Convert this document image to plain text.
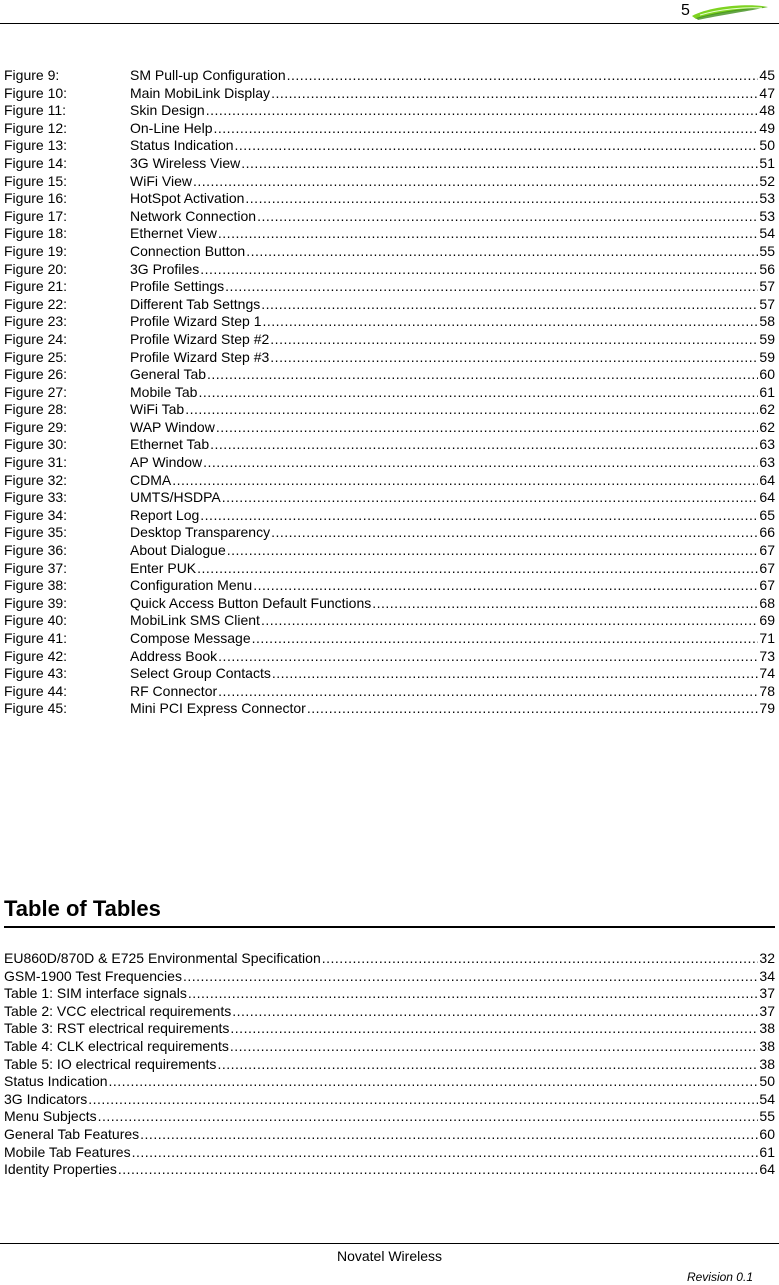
5
Figure 9:	SM Pull-up Configuration .....	45
Figure 10:	Main MobiLink Display .....	47
Figure 11:	Skin Design .....	48
Figure 12:	On-Line Help .....	49
Figure 13:	Status Indication .....	50
Figure 14:	3G Wireless View .....	51
Figure 15:	WiFi View .....	52
Figure 16:	HotSpot Activation .....	53
Figure 17:	Network Connection .....	53
Figure 18:	Ethernet View .....	54
Figure 19:	Connection Button .....	55
Figure 20:	3G Profiles .....	56
Figure 21:	Profile Settings .....	57
Figure 22:	Different Tab Settngs .....	57
Figure 23:	Profile Wizard Step 1 .....	58
Figure 24:	Profile Wizard Step #2 .....	59
Figure 25:	Profile Wizard Step #3 .....	59
Figure 26:	General Tab .....	60
Figure 27:	Mobile Tab .....	61
Figure 28:	WiFi Tab .....	62
Figure 29:	WAP Window .....	62
Figure 30:	Ethernet Tab .....	63
Figure 31:	AP Window .....	63
Figure 32:	CDMA .....	64
Figure 33:	UMTS/HSDPA .....	64
Figure 34:	Report Log .....	65
Figure 35:	Desktop Transparency .....	66
Figure 36:	About Dialogue .....	67
Figure 37:	Enter PUK .....	67
Figure 38:	Configuration Menu .....	67
Figure 39:	Quick Access Button Default Functions .....	68
Figure 40:	MobiLink SMS Client .....	69
Figure 41:	Compose Message .....	71
Figure 42:	Address Book .....	73
Figure 43:	Select Group Contacts .....	74
Figure 44:	RF Connector .....	78
Figure 45:	Mini PCI Express Connector .....	79
Table of Tables
EU860D/870D & E725 Environmental Specification .....	32
GSM-1900 Test Frequencies .....	34
Table 1: SIM interface signals .....	37
Table 2: VCC electrical requirements .....	37
Table 3: RST electrical requirements .....	38
Table 4: CLK electrical requirements .....	38
Table 5: IO electrical requirements .....	38
Status Indication .....	50
3G Indicators .....	54
Menu Subjects .....	55
General Tab Features .....	60
Mobile Tab Features .....	61
Identity Properties .....	64
Novatel Wireless
Revision 0.1
